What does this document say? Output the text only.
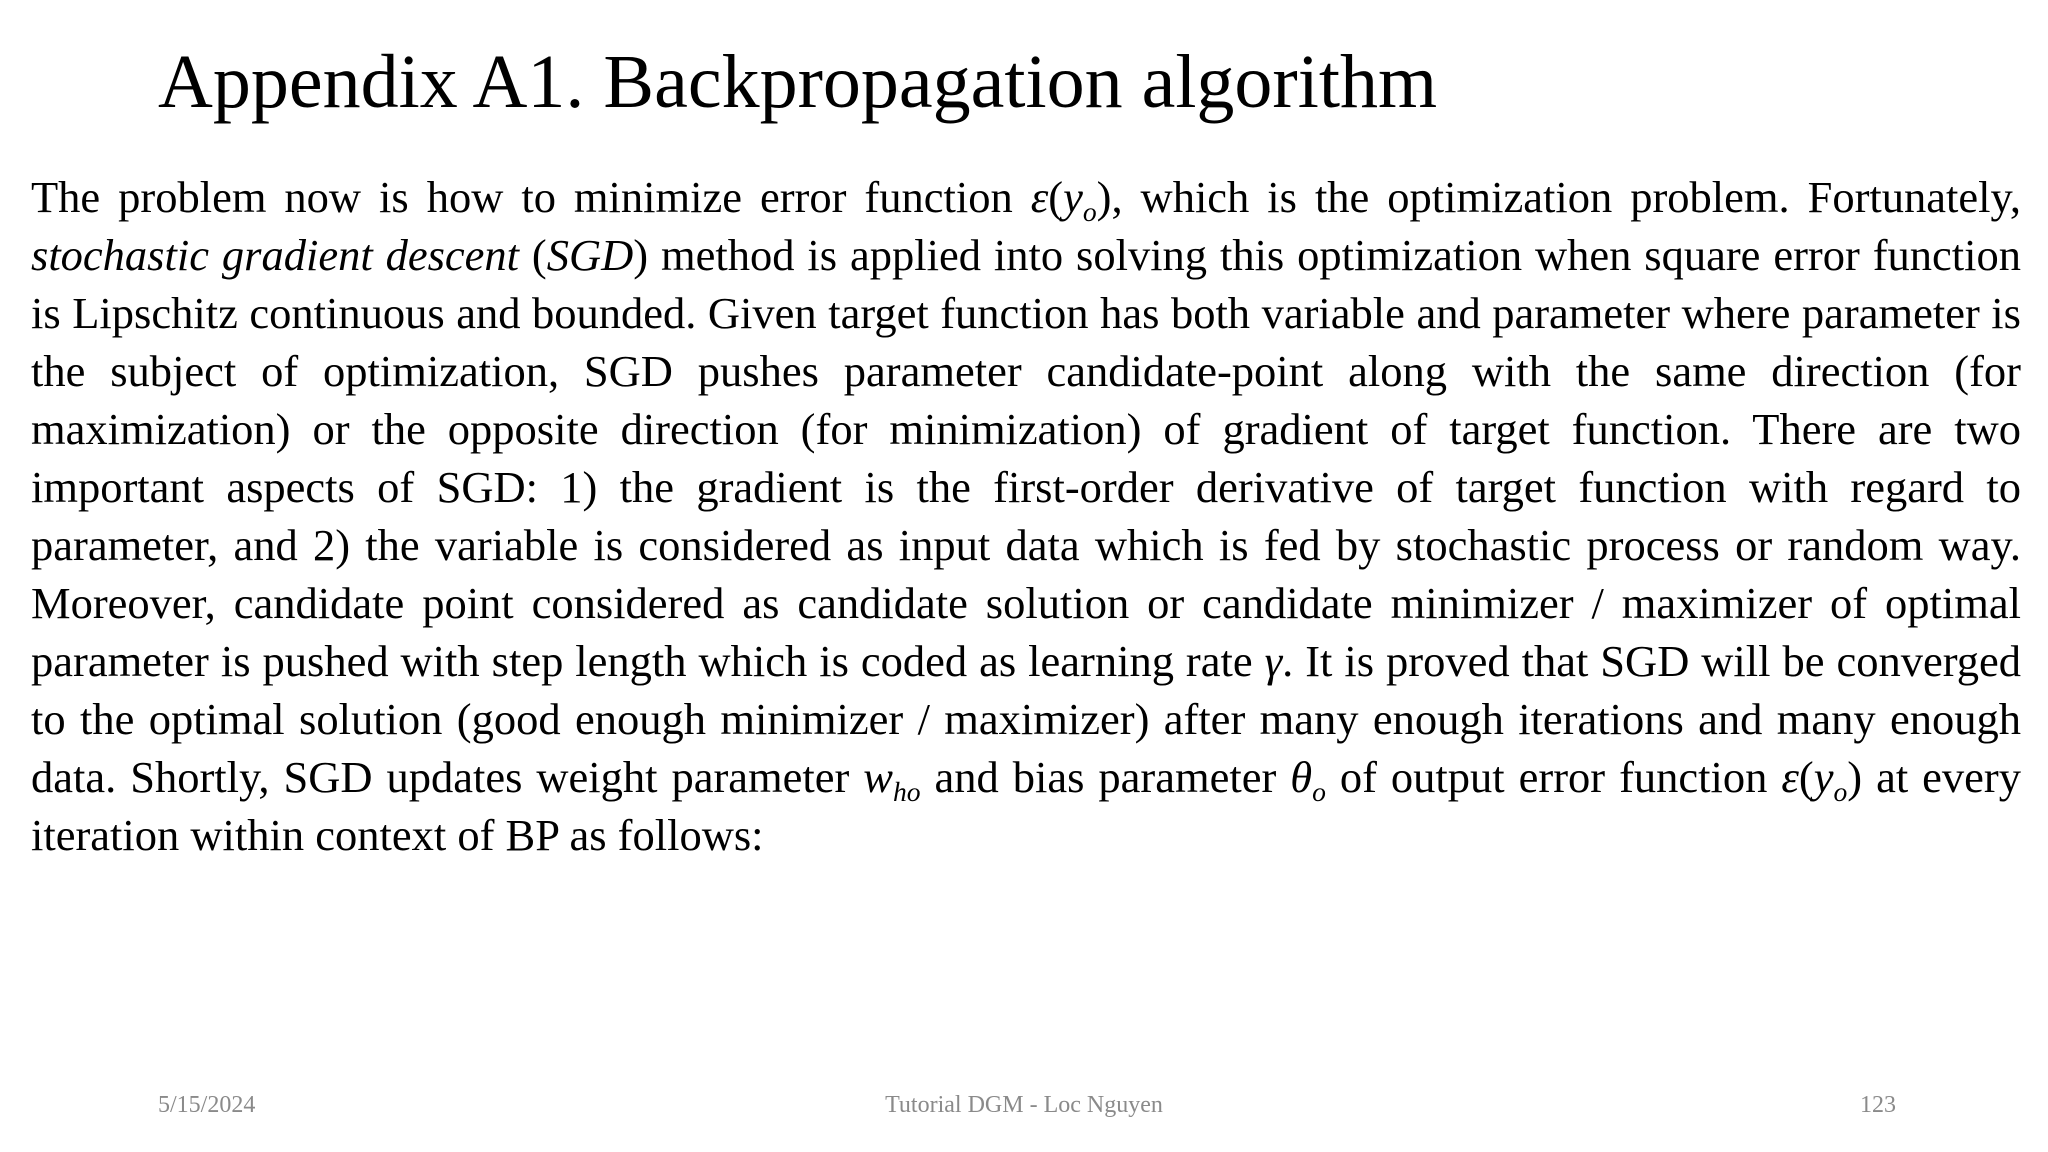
Appendix A1. Backpropagation algorithm

The problem now is how to minimize error function $\varepsilon(y_o)$, which is the optimization problem. Fortunately, stochastic gradient descent (SGD) method is applied into solving this optimization when square error function is Lipschitz continuous and bounded. Given target function has both variable and parameter where parameter is the subject of optimization, SGD pushes parameter candidate-point along with the same direction (for maximization) or the opposite direction (for minimization) of gradient of target function. There are two important aspects of SGD: 1) the gradient is the first-order derivative of target function with regard to parameter, and 2) the variable is considered as input data which is fed by stochastic process or random way. Moreover, candidate point considered as candidate solution or candidate minimizer / maximizer of optimal parameter is pushed with step length which is coded as learning rate γ. It is proved that SGD will be converged to the optimal solution (good enough minimizer / maximizer) after many enough iterations and many enough data. Shortly, SGD updates weight parameter $w_{ho}$ and bias parameter $\theta_o$ of output error function $\varepsilon(y_o)$ at every iteration within context of BP as follows:

5/15/2024	Tutorial DGM - Loc Nguyen	123
